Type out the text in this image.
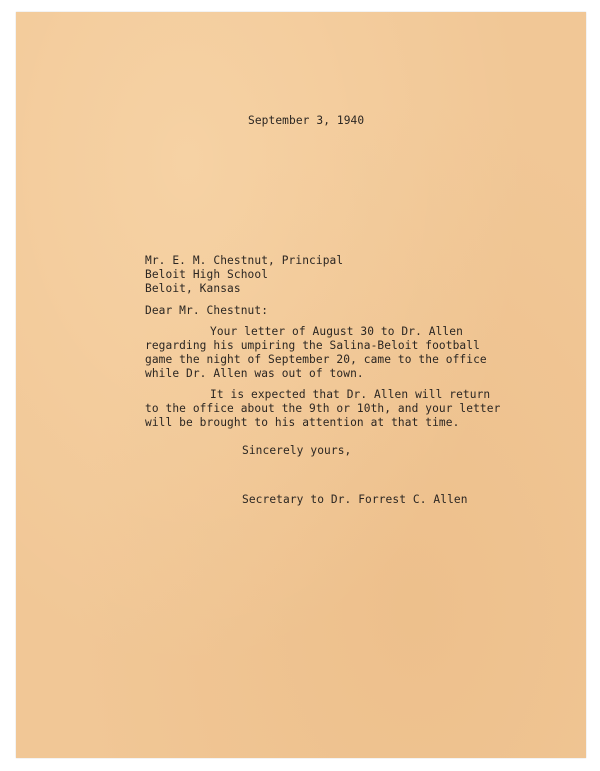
September 3, 1940
Mr. E. M. Chestnut, Principal
Beloit High School
Beloit, Kansas
Dear Mr. Chestnut:
Your letter of August 30 to Dr. Allen
regarding his umpiring the Salina-Beloit football
game the night of September 20, came to the office
while Dr. Allen was out of town.
It is expected that Dr. Allen will return
to the office about the 9th or 10th, and your letter
will be brought to his attention at that time.
Sincerely yours,
Secretary to Dr. Forrest C. Allen
